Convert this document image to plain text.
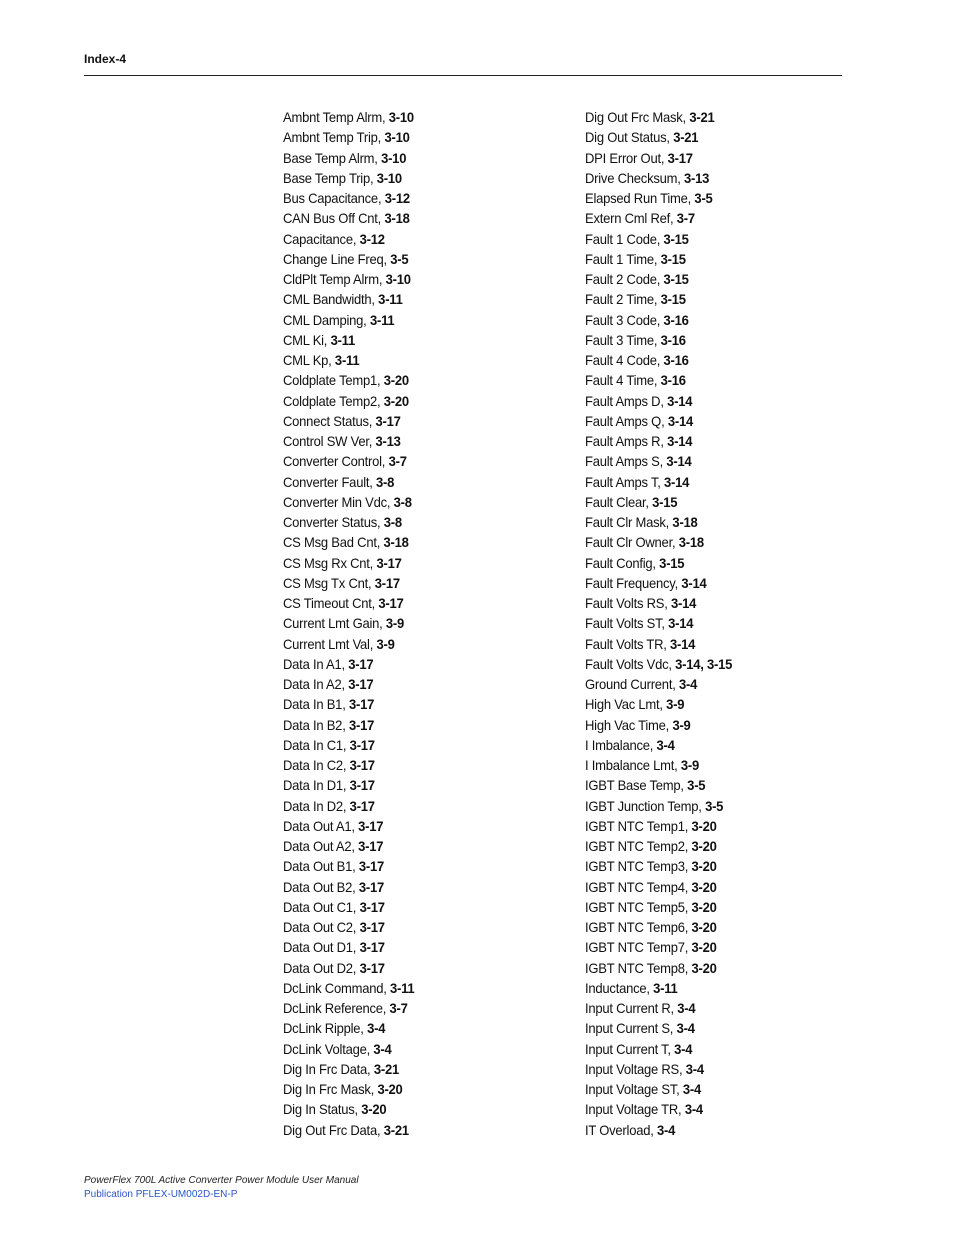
Index-4
Ambnt Temp Alrm, 3-10
Ambnt Temp Trip, 3-10
Base Temp Alrm, 3-10
Base Temp Trip, 3-10
Bus Capacitance, 3-12
CAN Bus Off Cnt, 3-18
Capacitance, 3-12
Change Line Freq, 3-5
CldPlt Temp Alrm, 3-10
CML Bandwidth, 3-11
CML Damping, 3-11
CML Ki, 3-11
CML Kp, 3-11
Coldplate Temp1, 3-20
Coldplate Temp2, 3-20
Connect Status, 3-17
Control SW Ver, 3-13
Converter Control, 3-7
Converter Fault, 3-8
Converter Min Vdc, 3-8
Converter Status, 3-8
CS Msg Bad Cnt, 3-18
CS Msg Rx Cnt, 3-17
CS Msg Tx Cnt, 3-17
CS Timeout Cnt, 3-17
Current Lmt Gain, 3-9
Current Lmt Val, 3-9
Data In A1, 3-17
Data In A2, 3-17
Data In B1, 3-17
Data In B2, 3-17
Data In C1, 3-17
Data In C2, 3-17
Data In D1, 3-17
Data In D2, 3-17
Data Out A1, 3-17
Data Out A2, 3-17
Data Out B1, 3-17
Data Out B2, 3-17
Data Out C1, 3-17
Data Out C2, 3-17
Data Out D1, 3-17
Data Out D2, 3-17
DcLink Command, 3-11
DcLink Reference, 3-7
DcLink Ripple, 3-4
DcLink Voltage, 3-4
Dig In Frc Data, 3-21
Dig In Frc Mask, 3-20
Dig In Status, 3-20
Dig Out Frc Data, 3-21
Dig Out Frc Mask, 3-21
Dig Out Status, 3-21
DPI Error Out, 3-17
Drive Checksum, 3-13
Elapsed Run Time, 3-5
Extern Cml Ref, 3-7
Fault 1 Code, 3-15
Fault 1 Time, 3-15
Fault 2 Code, 3-15
Fault 2 Time, 3-15
Fault 3 Code, 3-16
Fault 3 Time, 3-16
Fault 4 Code, 3-16
Fault 4 Time, 3-16
Fault Amps D, 3-14
Fault Amps Q, 3-14
Fault Amps R, 3-14
Fault Amps S, 3-14
Fault Amps T, 3-14
Fault Clear, 3-15
Fault Clr Mask, 3-18
Fault Clr Owner, 3-18
Fault Config, 3-15
Fault Frequency, 3-14
Fault Volts RS, 3-14
Fault Volts ST, 3-14
Fault Volts TR, 3-14
Fault Volts Vdc, 3-14, 3-15
Ground Current, 3-4
High Vac Lmt, 3-9
High Vac Time, 3-9
I Imbalance, 3-4
I Imbalance Lmt, 3-9
IGBT Base Temp, 3-5
IGBT Junction Temp, 3-5
IGBT NTC Temp1, 3-20
IGBT NTC Temp2, 3-20
IGBT NTC Temp3, 3-20
IGBT NTC Temp4, 3-20
IGBT NTC Temp5, 3-20
IGBT NTC Temp6, 3-20
IGBT NTC Temp7, 3-20
IGBT NTC Temp8, 3-20
Inductance, 3-11
Input Current R, 3-4
Input Current S, 3-4
Input Current T, 3-4
Input Voltage RS, 3-4
Input Voltage ST, 3-4
Input Voltage TR, 3-4
IT Overload, 3-4
PowerFlex 700L Active Converter Power Module User Manual
Publication PFLEX-UM002D-EN-P
